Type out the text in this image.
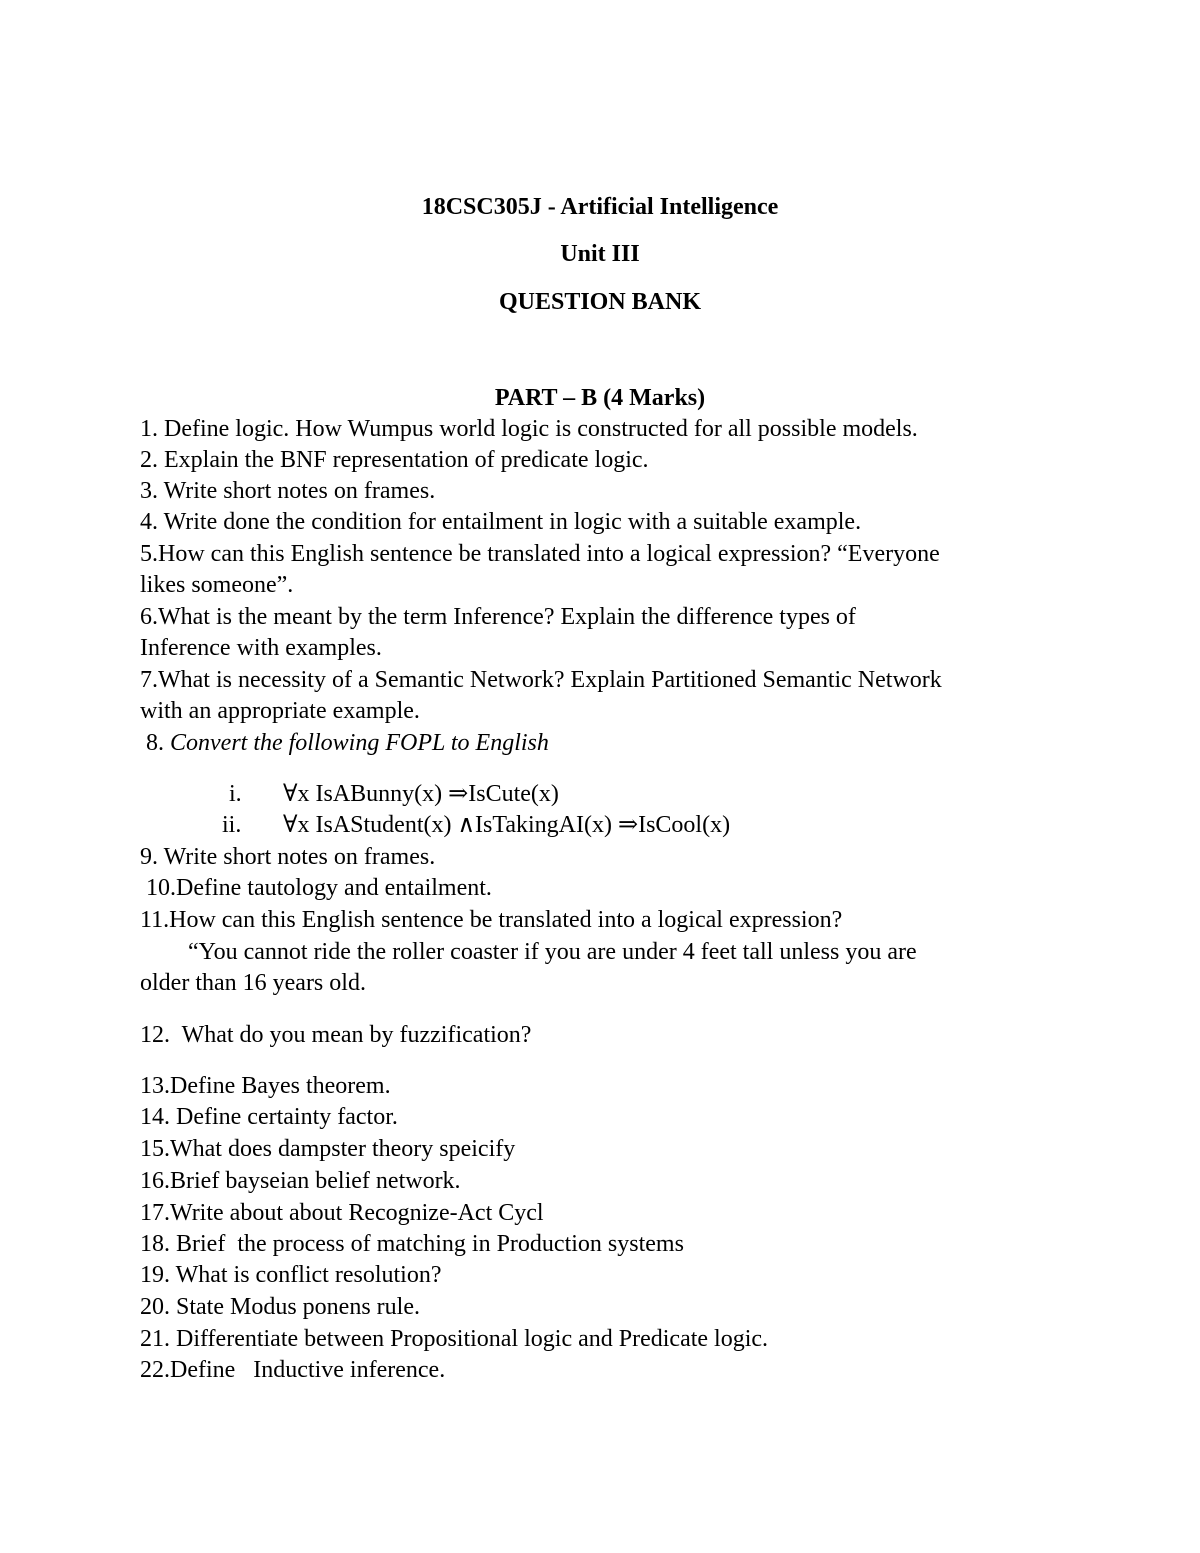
18CSC305J - Artificial Intelligence
Unit III
QUESTION BANK
PART – B (4 Marks)
1. Define logic. How Wumpus world logic is constructed for all possible models.
2. Explain the BNF representation of predicate logic.
3. Write short notes on frames.
4. Write done the condition for entailment in logic with a suitable example.
5.How can this English sentence be translated into a logical expression? “Everyone
likes someone”.
6.What is the meant by the term Inference? Explain the difference types of
Inference with examples.
7.What is necessity of a Semantic Network? Explain Partitioned Semantic Network
with an appropriate example.
8. Convert the following FOPL to English
i. ∀x IsABunny(x) ⇒IsCute(x)
ii. ∀x IsAStudent(x) ∧IsTakingAI(x) ⇒IsCool(x)
9. Write short notes on frames.
10.Define tautology and entailment.
11.How can this English sentence be translated into a logical expression?
“You cannot ride the roller coaster if you are under 4 feet tall unless you are
older than 16 years old.
12.  What do you mean by fuzzification?
13.Define Bayes theorem.
14. Define certainty factor.
15.What does dampster theory speicify
16.Brief bayseian belief network.
17.Write about about Recognize-Act Cycl
18. Brief  the process of matching in Production systems
19. What is conflict resolution?
20. State Modus ponens rule.
21. Differentiate between Propositional logic and Predicate logic.
22.Define   Inductive inference.
